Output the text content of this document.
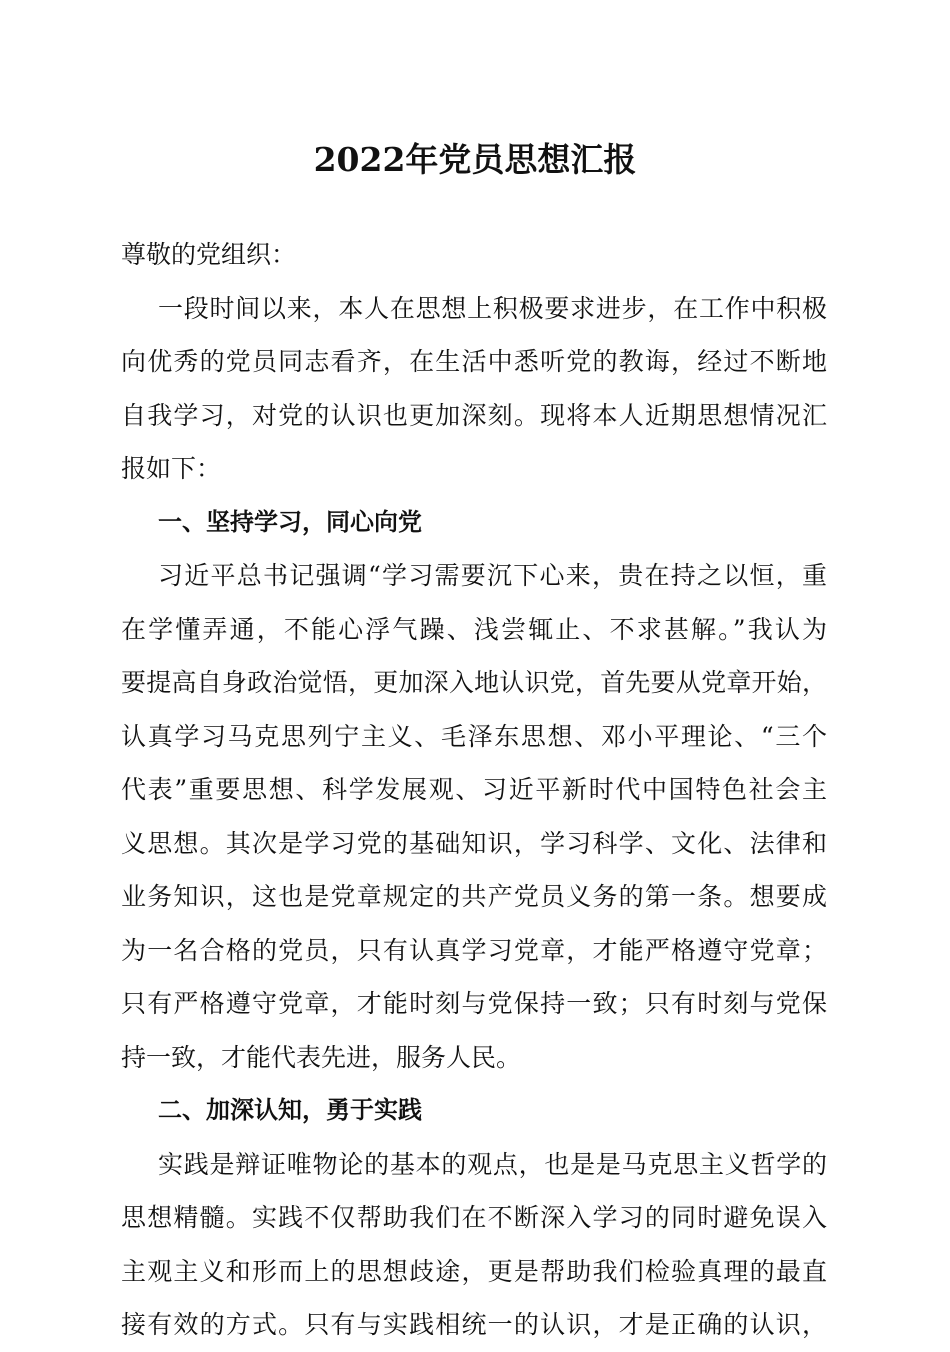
2022年党员思想汇报

尊敬的党组织：

一段时间以来，本人在思想上积极要求进步，在工作中积极

向优秀的党员同志看齐，在生活中悉听党的教诲，经过不断地

自我学习，对党的认识也更加深刻。现将本人近期思想情况汇

报如下：

一、坚持学习，同心向党

习近平总书记强调“学习需要沉下心来，贵在持之以恒，重

在学懂弄通，不能心浮气躁、浅尝辄止、不求甚解。”我认为

要提高自身政治觉悟，更加深入地认识党，首先要从党章开始，

认真学习马克思列宁主义、毛泽东思想、邓小平理论、“三个

代表”重要思想、科学发展观、习近平新时代中国特色社会主

义思想。其次是学习党的基础知识，学习科学、文化、法律和

业务知识，这也是党章规定的共产党员义务的第一条。想要成

为一名合格的党员，只有认真学习党章，才能严格遵守党章；

只有严格遵守党章，才能时刻与党保持一致；只有时刻与党保

持一致，才能代表先进，服务人民。

二、加深认知，勇于实践

实践是辩证唯物论的基本的观点，也是是马克思主义哲学的

思想精髓。实践不仅帮助我们在不断深入学习的同时避免误入

主观主义和形而上的思想歧途，更是帮助我们检验真理的最直

接有效的方式。只有与实践相统一的认识，才是正确的认识，
